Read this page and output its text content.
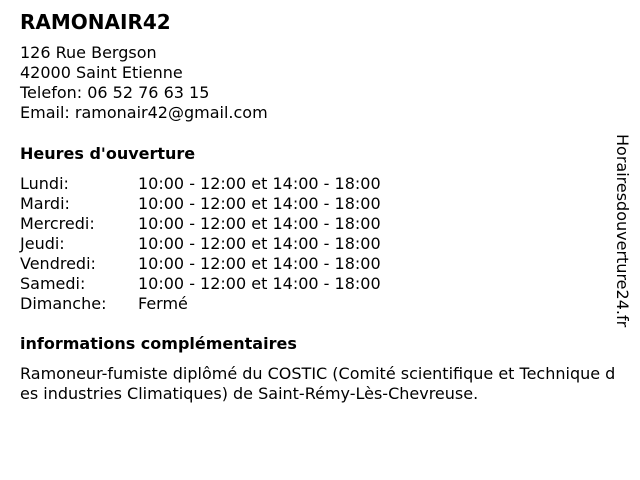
RAMONAIR42
126 Rue Bergson
42000 Saint Etienne
Telefon: 06 52 76 63 15
Email: ramonair42@gmail.com
Heures d'ouverture
Lundi:	10:00 - 12:00 et 14:00 - 18:00
Mardi:	10:00 - 12:00 et 14:00 - 18:00
Mercredi:	10:00 - 12:00 et 14:00 - 18:00
Jeudi:	10:00 - 12:00 et 14:00 - 18:00
Vendredi:	10:00 - 12:00 et 14:00 - 18:00
Samedi:	10:00 - 12:00 et 14:00 - 18:00
Dimanche: Fermé
informations complémentaires
Ramoneur-fumiste diplômé du COSTIC (Comité scientifique et Technique des industries Climatiques) de Saint-Rémy-Lès-Chevreuse.
Horairesdouverture24.fr
